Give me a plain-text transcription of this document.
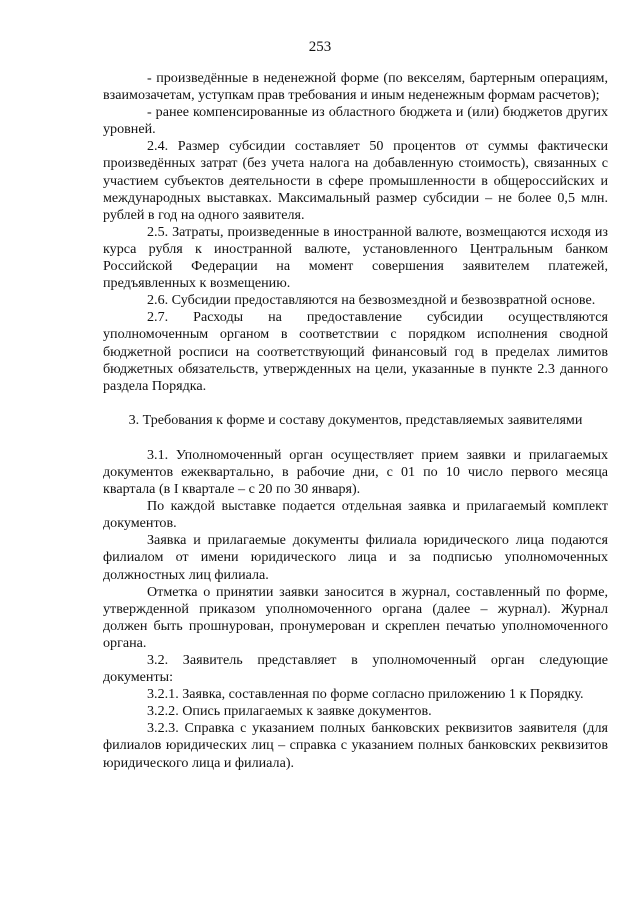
253

- произведённые в неденежной форме (по векселям, бартерным операциям, взаимозачетам, уступкам прав требования и иным неденежным формам расчетов);

- ранее компенсированные из областного бюджета и (или) бюджетов других уровней.

2.4. Размер субсидии составляет 50 процентов от суммы фактически произведённых затрат (без учета налога на добавленную стоимость), связанных с участием субъектов деятельности в сфере промышленности в общероссийских и международных выставках. Максимальный размер субсидии – не более 0,5 млн. рублей в год на одного заявителя.

2.5. Затраты, произведенные в иностранной валюте, возмещаются исходя из курса рубля к иностранной валюте, установленного Центральным банком Российской Федерации на момент совершения заявителем платежей, предъявленных к возмещению.

2.6. Субсидии предоставляются на безвозмездной и безвозвратной основе.

2.7. Расходы на предоставление субсидии осуществляются уполномоченным органом в соответствии с порядком исполнения сводной бюджетной росписи на соответствующий финансовый год в пределах лимитов бюджетных обязательств, утвержденных на цели, указанные в пункте 2.3 данного раздела Порядка.

3. Требования к форме и составу документов, представляемых заявителями

3.1. Уполномоченный орган осуществляет прием заявки и прилагаемых документов ежеквартально, в рабочие дни, с 01 по 10 число первого месяца квартала (в I квартале – с 20 по 30 января).

По каждой выставке подается отдельная заявка и прилагаемый комплект документов.

Заявка и прилагаемые документы филиала юридического лица подаются филиалом от имени юридического лица и за подписью уполномоченных должностных лиц филиала.

Отметка о принятии заявки заносится в журнал, составленный по форме, утвержденной приказом уполномоченного органа (далее – журнал). Журнал должен быть прошнурован, пронумерован и скреплен печатью уполномоченного органа.

3.2. Заявитель представляет в уполномоченный орган следующие документы:

3.2.1. Заявка, составленная по форме согласно приложению 1 к Порядку.

3.2.2. Опись прилагаемых к заявке документов.

3.2.3. Справка с указанием полных банковских реквизитов заявителя (для филиалов юридических лиц – справка с указанием полных банковских реквизитов юридического лица и филиала).
